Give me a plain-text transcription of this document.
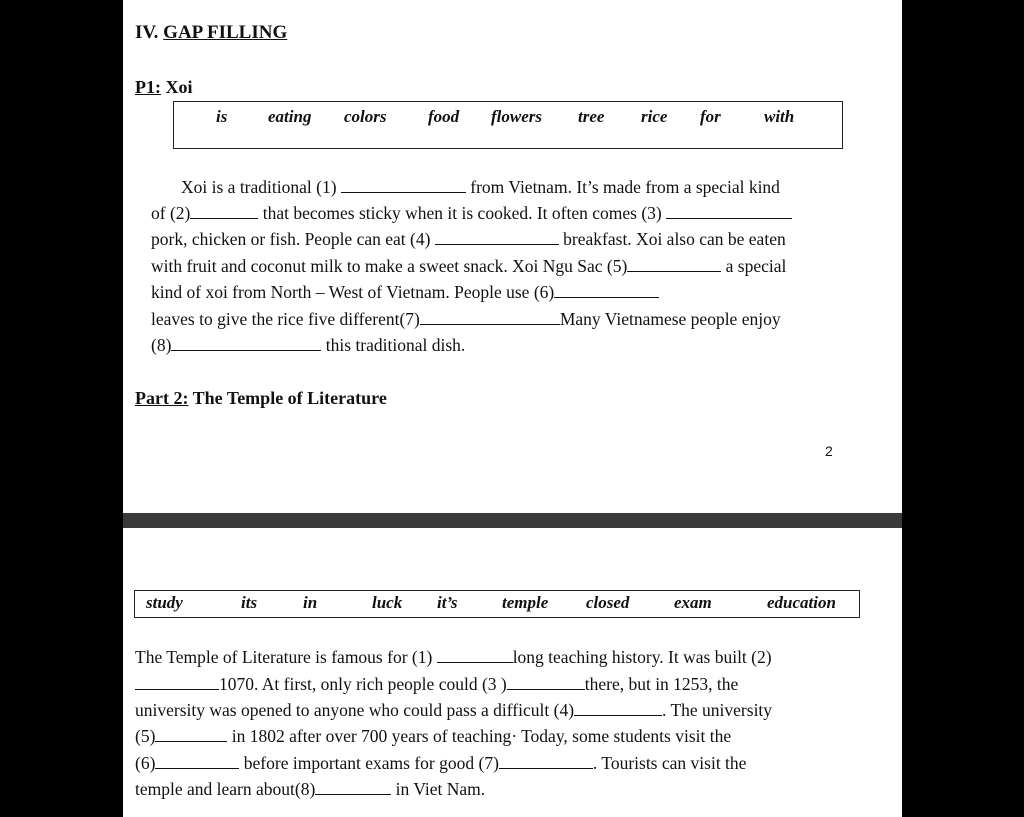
IV. GAP FILLING
P1: Xoi
is eating colors food flowers tree rice for	with
Xoi is a traditional (1)	from Vietnam. It’s made from a special kind
of (2)	that becomes sticky when it is cooked. It often comes (3)
pork, chicken or fish. People can eat (4)	breakfast. Xoi also can be eaten
with fruit and coconut milk to make a sweet snack. Xoi Ngu Sac (5)	a special
kind of xoi from North – West of Vietnam. People use (6)
leaves to give the rice five different(7)	Many Vietnamese people enjoy
(8)	this traditional dish.
Part 2: The Temple of Literature
2
study	its	in	luck it’s	temple closed	exam	education
The Temple of Literature is famous for (1)	long teaching history. It was built (2)
1070. At first, only rich people could (3 )	there, but in 1253, the
university was opened to anyone who could pass a difficult (4)	. The university
(5)	in 1802 after over 700 years of teaching· Today, some students visit the
(6)	before important exams for good (7)	. Tourists can visit the
temple and learn about(8)	in Viet Nam.
